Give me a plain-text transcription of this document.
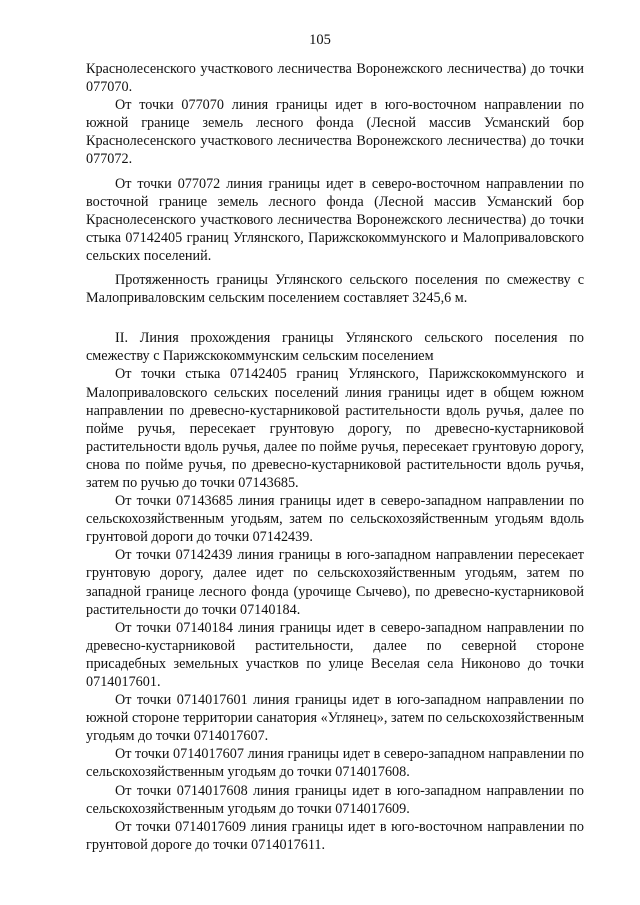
105

Краснолесенского участкового лесничества Воронежского лесничества) до точки 077070.

От точки 077070 линия границы идет в юго-восточном направлении по южной границе земель лесного фонда (Лесной массив Усманский бор Краснолесенского участкового лесничества Воронежского лесничества) до точки 077072.

От точки 077072 линия границы идет в северо-восточном направлении по восточной границе земель лесного фонда (Лесной массив Усманский бор Краснолесенского участкового лесничества Воронежского лесничества) до точки стыка 07142405 границ Углянского, Парижскокоммунского и Малоприваловского сельских поселений.

Протяженность границы Углянского сельского поселения по смежеству с Малоприваловским сельским поселением составляет 3245,6 м.

II. Линия прохождения границы Углянского сельского поселения по смежеству с Парижскокоммунским сельским поселением

От точки стыка 07142405 границ Углянского, Парижскокоммунского и Малоприваловского сельских поселений линия границы идет в общем южном направлении по древесно-кустарниковой растительности вдоль ручья, далее по пойме ручья, пересекает грунтовую дорогу, по древесно-кустарниковой растительности вдоль ручья, далее по пойме ручья, пересекает грунтовую дорогу, снова по пойме ручья, по древесно-кустарниковой растительности вдоль ручья, затем по ручью до точки 07143685.

От точки 07143685 линия границы идет в северо-западном направлении по сельскохозяйственным угодьям, затем по сельскохозяйственным угодьям вдоль грунтовой дороги до точки 07142439.

От точки 07142439 линия границы в юго-западном направлении пересекает грунтовую дорогу, далее идет по сельскохозяйственным угодьям, затем по западной границе лесного фонда (урочище Сычево), по древесно-кустарниковой растительности до точки 07140184.

От точки 07140184 линия границы идет в северо-западном направлении по древесно-кустарниковой растительности, далее по северной стороне присадебных земельных участков по улице Веселая села Никоново до точки 0714017601.

От точки 0714017601 линия границы идет в юго-западном направлении по южной стороне территории санатория «Углянец», затем по сельскохозяйственным угодьям до точки 0714017607.

От точки 0714017607 линия границы идет в северо-западном направлении по сельскохозяйственным угодьям до точки 0714017608.

От точки 0714017608 линия границы идет в юго-западном направлении по сельскохозяйственным угодьям до точки 0714017609.

От точки 0714017609 линия границы идет в юго-восточном направлении по грунтовой дороге до точки 0714017611.
